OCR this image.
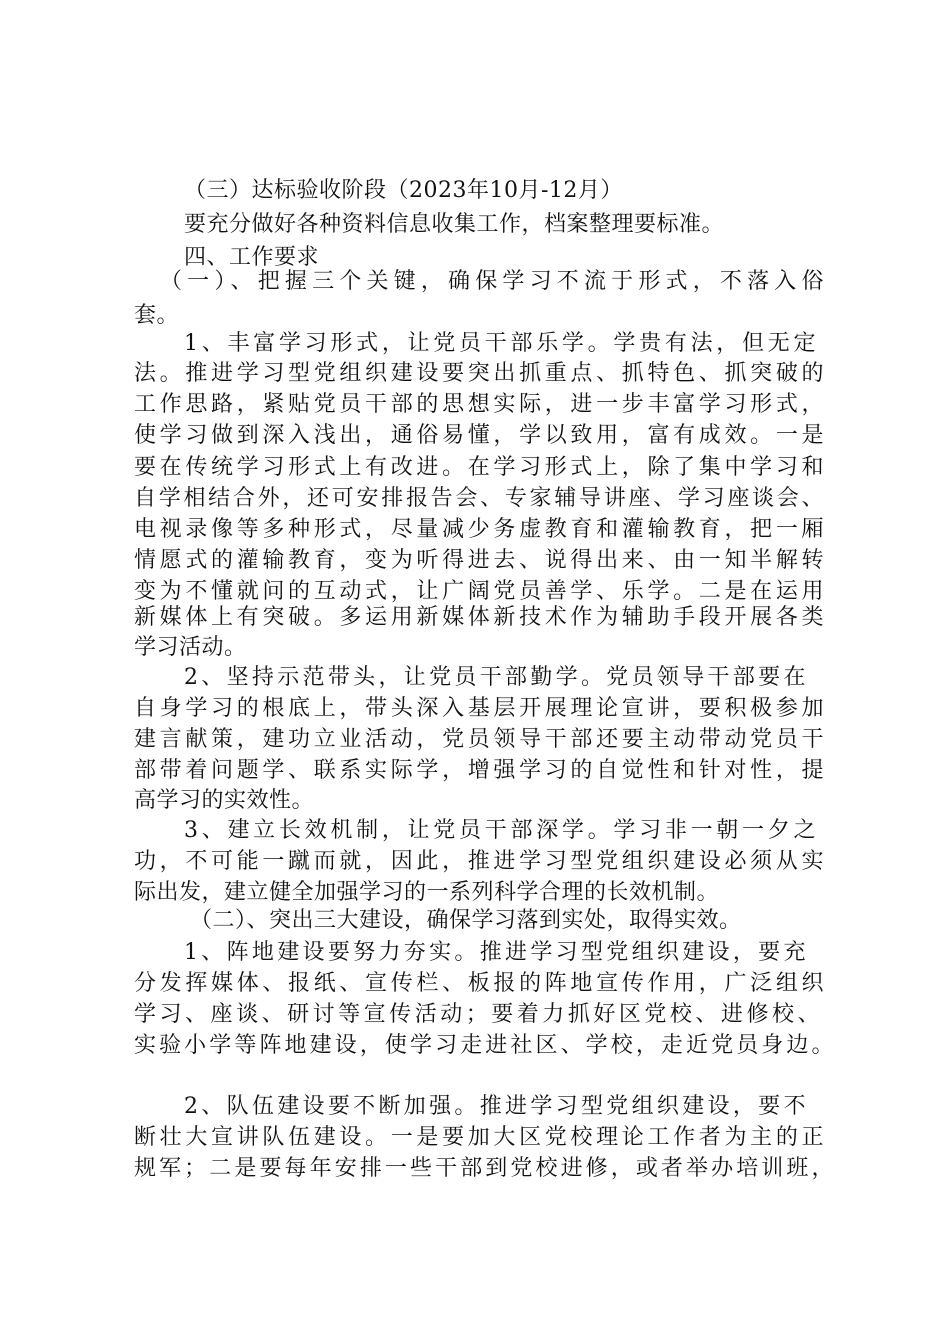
（三）达标验收阶段（2023年10月-12月）
要充分做好各种资料信息收集工作，档案整理要标准。
四、工作要求
（一）、把握三个关键，确保学习不流于形式，不落入俗
套。
1、丰富学习形式，让党员干部乐学。学贵有法，但无定
法。推进学习型党组织建设要突出抓重点、抓特色、抓突破的
工作思路，紧贴党员干部的思想实际，进一步丰富学习形式，
使学习做到深入浅出，通俗易懂，学以致用，富有成效。一是
要在传统学习形式上有改进。在学习形式上，除了集中学习和
自学相结合外，还可安排报告会、专家辅导讲座、学习座谈会、
电视录像等多种形式，尽量减少务虚教育和灌输教育，把一厢
情愿式的灌输教育，变为听得进去、说得出来、由一知半解转
变为不懂就问的互动式，让广阔党员善学、乐学。二是在运用
新媒体上有突破。多运用新媒体新技术作为辅助手段开展各类
学习活动。
2、坚持示范带头，让党员干部勤学。党员领导干部要在
自身学习的根底上，带头深入基层开展理论宣讲，要积极参加
建言献策，建功立业活动，党员领导干部还要主动带动党员干
部带着问题学、联系实际学，增强学习的自觉性和针对性，提
高学习的实效性。
3、建立长效机制，让党员干部深学。学习非一朝一夕之
功，不可能一蹴而就，因此，推进学习型党组织建设必须从实
际出发，建立健全加强学习的一系列科学合理的长效机制。
（二）、突出三大建设，确保学习落到实处，取得实效。
1、阵地建设要努力夯实。推进学习型党组织建设，要充
分发挥媒体、报纸、宣传栏、板报的阵地宣传作用，广泛组织
学习、座谈、研讨等宣传活动；要着力抓好区党校、进修校、
实验小学等阵地建设，使学习走进社区、学校，走近党员身边。
2、队伍建设要不断加强。推进学习型党组织建设，要不
断壮大宣讲队伍建设。一是要加大区党校理论工作者为主的正
规军；二是要每年安排一些干部到党校进修，或者举办培训班，
